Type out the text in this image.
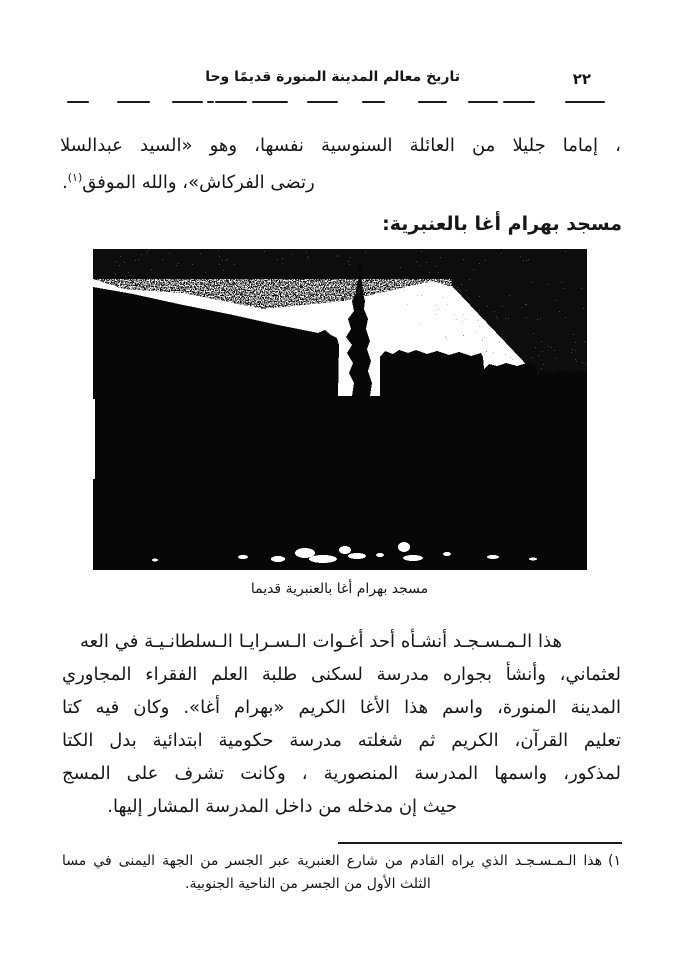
٢٢
تاريخ معالم المدينة المنورة قديمًا وحا
، إماما جليلا من العائلة السنوسية نفسها، وهو «السيد عبدالسلا
رتضى الفركاش»، والله الموفق$^{(١)}$.
مسجد بهرام أغا بالعنبرية:
مسجد بهرام أغا بالعنبرية قديما
هذا الـمـسـجـد أنشـأه أحد أغـوات الـسـرايـا الـسلطانـيـة في العه
لعثماني، وأنشأ بجواره مدرسة لسكنى طلبة العلم الفقراء المجاوري
المدينة المنورة، واسم هذا الأغا الكريم «بهرام أغا». وكان فيه كتا
تعليم القرآن، الكريم ثم شغلته مدرسة حكومية ابتدائية بدل الكتا
لمذكور، واسمها المدرسة المنصورية ، وكانت تشرف على المسج
حيث إن مدخله من داخل المدرسة المشار إليها.
١)هذا الـمـسـجـد الذي يراه القادم من شارع العنبرية عبر الجسر من الجهة اليمنى في مسا
الثلث الأول من الجسر من الناحية الجنوبية.
